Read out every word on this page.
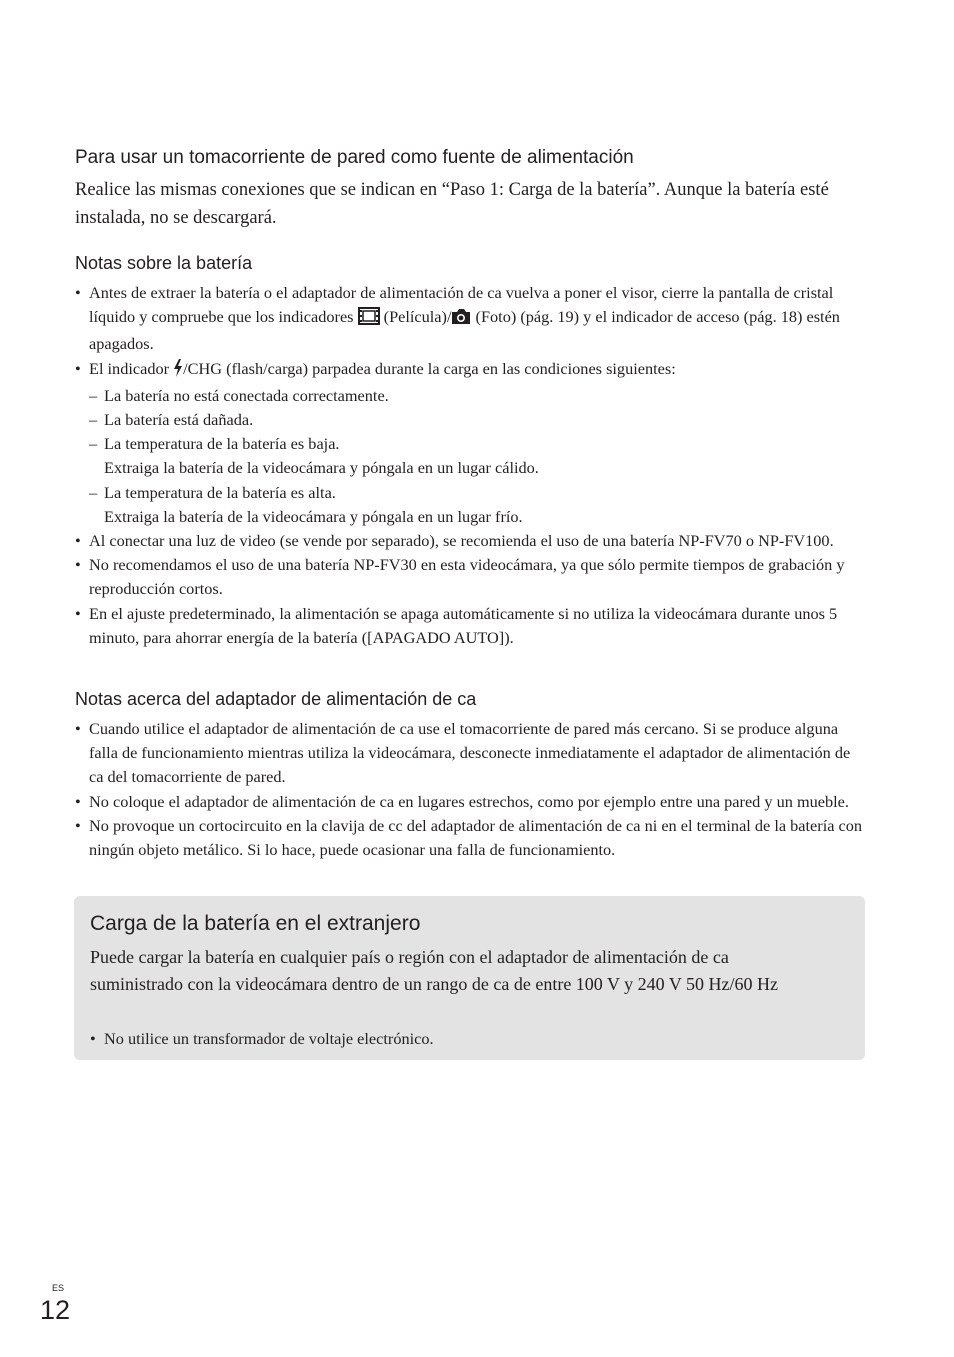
Para usar un tomacorriente de pared como fuente de alimentación

Realice las mismas conexiones que se indican en “Paso 1: Carga de la batería”. Aunque la batería esté instalada, no se descargará.

Notas sobre la batería
• Antes de extraer la batería o el adaptador de alimentación de ca vuelva a poner el visor, cierre la pantalla de cristal líquido y compruebe que los indicadores  (Película)/ (Foto) (pág. 19) y el indicador de acceso (pág. 18) estén apagados.
• El indicador /CHG (flash/carga) parpadea durante la carga en las condiciones siguientes:
– La batería no está conectada correctamente.
– La batería está dañada.
– La temperatura de la batería es baja.
Extraiga la batería de la videocámara y póngala en un lugar cálido.
– La temperatura de la batería es alta.
Extraiga la batería de la videocámara y póngala en un lugar frío.
• Al conectar una luz de video (se vende por separado), se recomienda el uso de una batería NP-FV70 o NP-FV100.
• No recomendamos el uso de una batería NP-FV30 en esta videocámara, ya que sólo permite tiempos de grabación y reproducción cortos.
• En el ajuste predeterminado, la alimentación se apaga automáticamente si no utiliza la videocámara durante unos 5 minuto, para ahorrar energía de la batería ([APAGADO AUTO]).
Notas acerca del adaptador de alimentación de ca
• Cuando utilice el adaptador de alimentación de ca use el tomacorriente de pared más cercano. Si se produce alguna falla de funcionamiento mientras utiliza la videocámara, desconecte inmediatamente el adaptador de alimentación de ca del tomacorriente de pared.
• No coloque el adaptador de alimentación de ca en lugares estrechos, como por ejemplo entre una pared y un mueble.
• No provoque un cortocircuito en la clavija de cc del adaptador de alimentación de ca ni en el terminal de la batería con ningún objeto metálico. Si lo hace, puede ocasionar una falla de funcionamiento.
Carga de la batería en el extranjero

Puede cargar la batería en cualquier país o región con el adaptador de alimentación de ca suministrado con la videocámara dentro de un rango de ca de entre 100 V y 240 V 50 Hz/60 Hz

• No utilice un transformador de voltaje electrónico.

ES
12
